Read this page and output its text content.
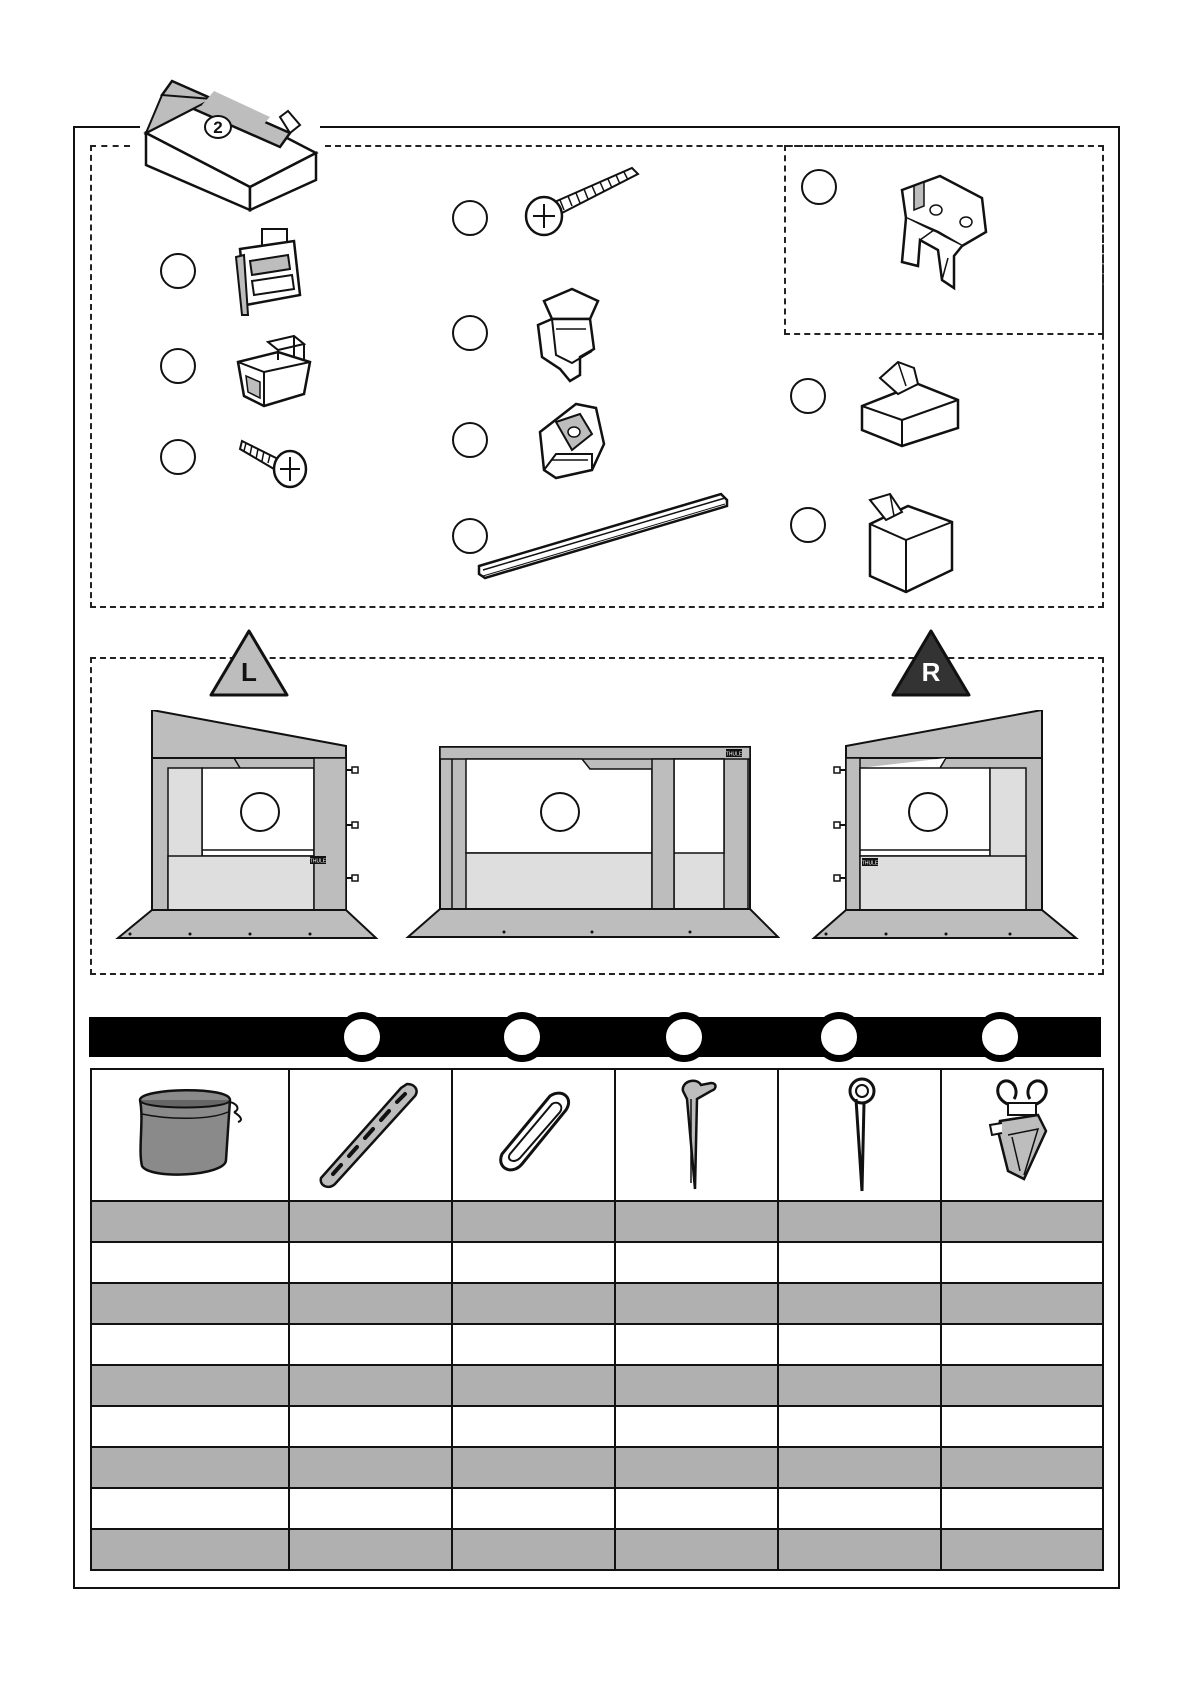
2
L	R
THULE
THULE
THULE
